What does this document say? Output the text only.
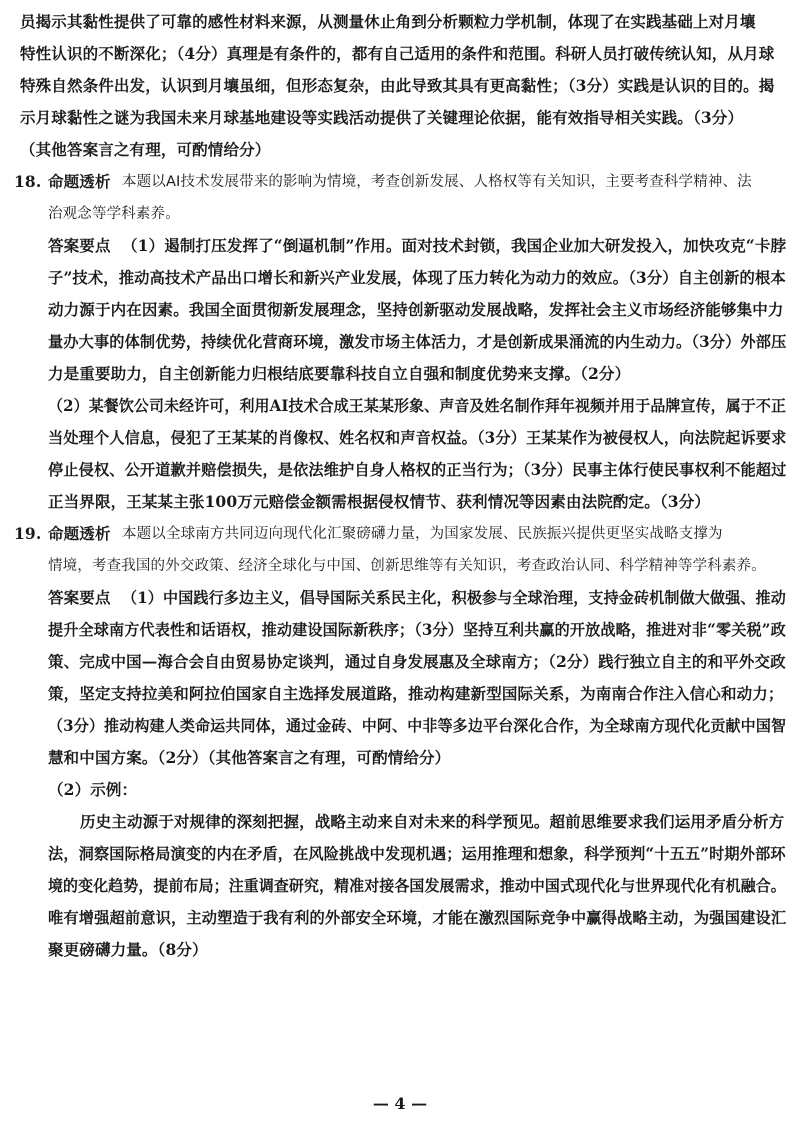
员揭示其黏性提供了可靠的感性材料来源，从测量休止角到分析颗粒力学机制，体现了在实践基础上对月壤
特性认识的不断深化；（4分）真理是有条件的，都有自己适用的条件和范围。科研人员打破传统认知，从月球
特殊自然条件出发，认识到月壤虽细，但形态复杂，由此导致其具有更高黏性；（3分）实践是认识的目的。揭
示月球黏性之谜为我国未来月球基地建设等实践活动提供了关键理论依据，能有效指导相关实践。（3分）
（其他答案言之有理，可酌情给分）
18. 命题透析 本题以AI技术发展带来的影响为情境，考查创新发展、人格权等有关知识，主要考查科学精神、法
治观念等学科素养。
答案要点 （1）遏制打压发挥了“倒逼机制”作用。面对技术封锁，我国企业加大研发投入，加快攻克“卡脖
子”技术，推动高技术产品出口增长和新兴产业发展，体现了压力转化为动力的效应。（3分）自主创新的根本
动力源于内在因素。我国全面贯彻新发展理念，坚持创新驱动发展战略，发挥社会主义市场经济能够集中力
量办大事的体制优势，持续优化营商环境，激发市场主体活力，才是创新成果涌流的内生动力。（3分）外部压
力是重要助力，自主创新能力归根结底要靠科技自立自强和制度优势来支撑。（2分）
（2）某餐饮公司未经许可，利用AI技术合成王某某形象、声音及姓名制作拜年视频并用于品牌宣传，属于不正
当处理个人信息，侵犯了王某某的肖像权、姓名权和声音权益。（3分）王某某作为被侵权人，向法院起诉要求
停止侵权、公开道歉并赔偿损失，是依法维护自身人格权的正当行为；（3分）民事主体行使民事权利不能超过
正当界限，王某某主张100万元赔偿金额需根据侵权情节、获利情况等因素由法院酌定。（3分）
19. 命题透析 本题以全球南方共同迈向现代化汇聚磅礴力量，为国家发展、民族振兴提供更坚实战略支撑为
情境，考查我国的外交政策、经济全球化与中国、创新思维等有关知识，考查政治认同、科学精神等学科素养。
答案要点 （1）中国践行多边主义，倡导国际关系民主化，积极参与全球治理，支持金砖机制做大做强、推动
提升全球南方代表性和话语权，推动建设国际新秩序；（3分）坚持互利共赢的开放战略，推进对非“零关税”政
策、完成中国—海合会自由贸易协定谈判，通过自身发展惠及全球南方；（2分）践行独立自主的和平外交政
策，坚定支持拉美和阿拉伯国家自主选择发展道路，推动构建新型国际关系，为南南合作注入信心和动力；
（3分）推动构建人类命运共同体，通过金砖、中阿、中非等多边平台深化合作，为全球南方现代化贡献中国智
慧和中国方案。（2分）（其他答案言之有理，可酌情给分）
（2）示例：
历史主动源于对规律的深刻把握，战略主动来自对未来的科学预见。超前思维要求我们运用矛盾分析方
法，洞察国际格局演变的内在矛盾，在风险挑战中发现机遇；运用推理和想象，科学预判“十五五”时期外部环
境的变化趋势，提前布局；注重调查研究，精准对接各国发展需求，推动中国式现代化与世界现代化有机融合。
唯有增强超前意识，主动塑造于我有利的外部安全环境，才能在激烈国际竞争中赢得战略主动，为强国建设汇
聚更磅礴力量。（8分）
— 4 —
